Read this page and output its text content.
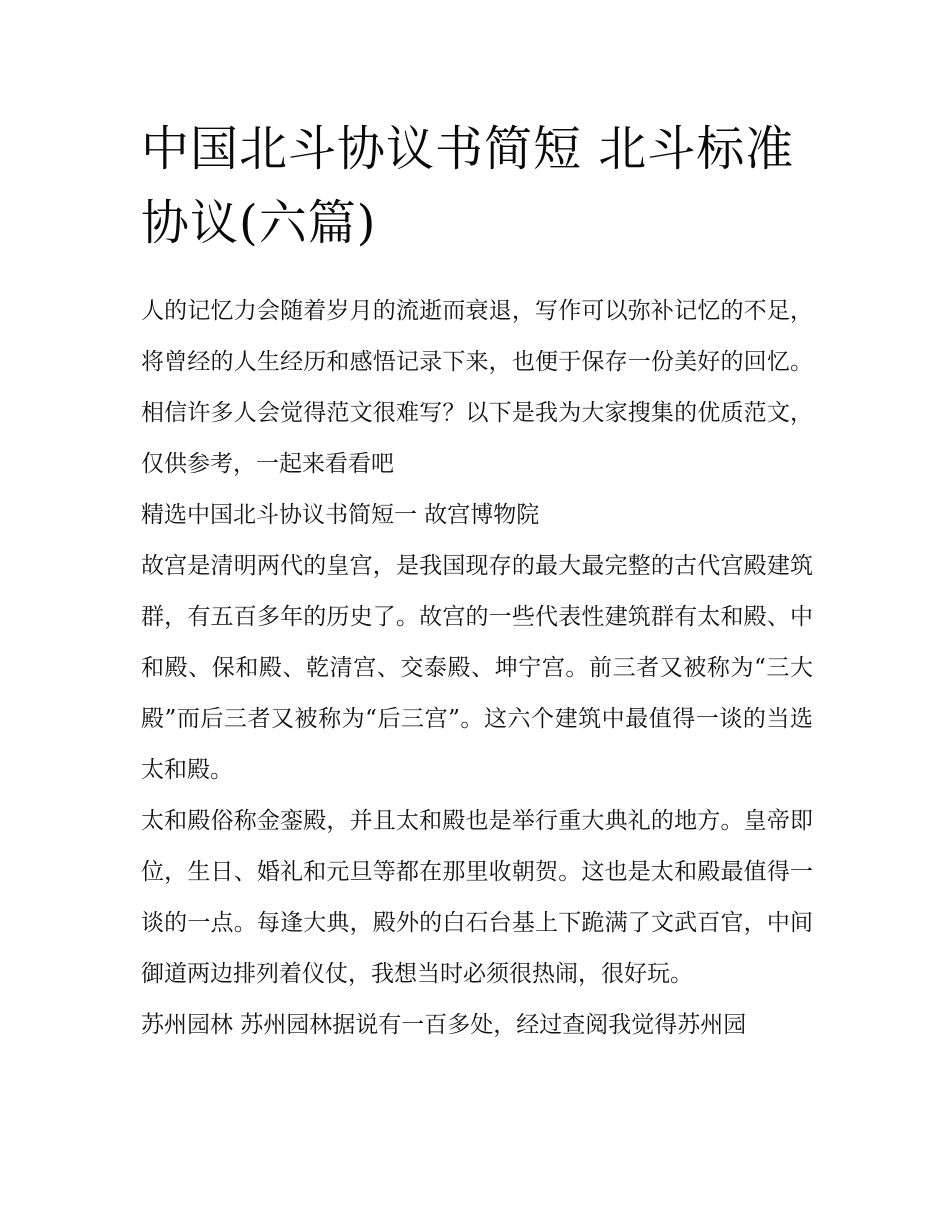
中国北斗协议书简短 北斗标准协议(六篇)

人的记忆力会随着岁月的流逝而衰退，写作可以弥补记忆的不足，将曾经的人生经历和感悟记录下来，也便于保存一份美好的回忆。相信许多人会觉得范文很难写？以下是我为大家搜集的优质范文，仅供参考，一起来看看吧

精选中国北斗协议书简短一 故宫博物院

故宫是清明两代的皇宫，是我国现存的最大最完整的古代宫殿建筑群，有五百多年的历史了。故宫的一些代表性建筑群有太和殿、中和殿、保和殿、乾清宫、交泰殿、坤宁宫。前三者又被称为“三大殿”而后三者又被称为“后三宫”。这六个建筑中最值得一谈的当选太和殿。

太和殿俗称金銮殿，并且太和殿也是举行重大典礼的地方。皇帝即位，生日、婚礼和元旦等都在那里收朝贺。这也是太和殿最值得一谈的一点。每逢大典，殿外的白石台基上下跪满了文武百官，中间御道两边排列着仪仗，我想当时必须很热闹，很好玩。

苏州园林 苏州园林据说有一百多处，经过查阅我觉得苏州园
